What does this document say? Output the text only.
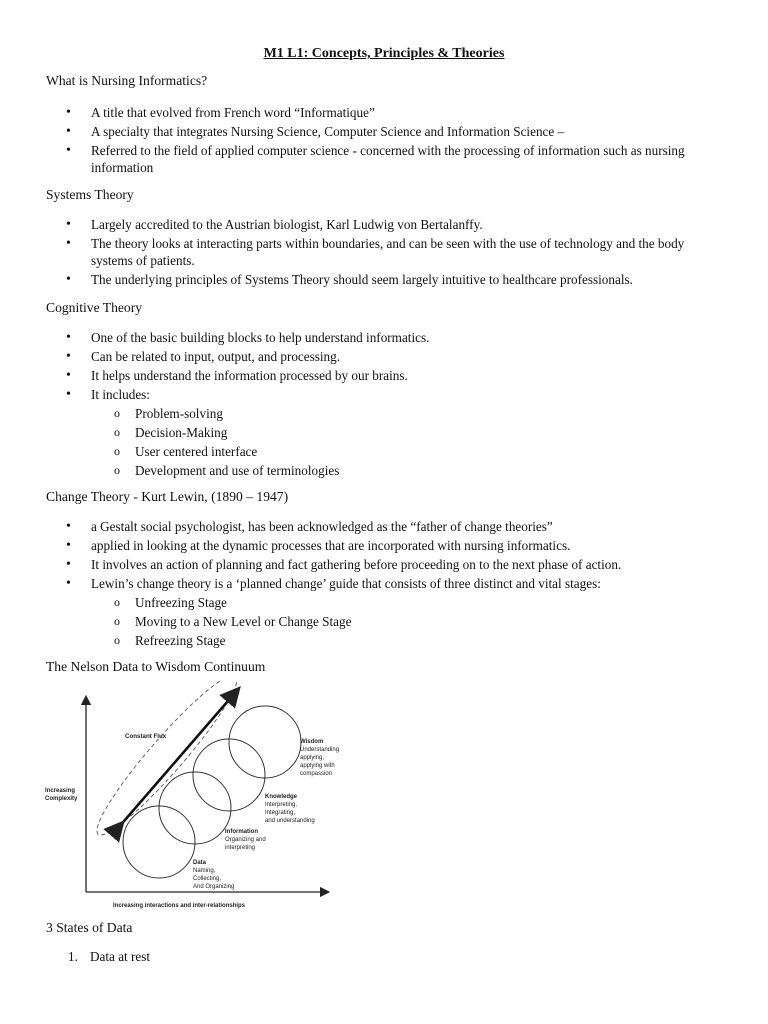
M1 L1: Concepts, Principles & Theories
What is Nursing Informatics?
• A title that evolved from French word “Informatique”
• A specialty that integrates Nursing Science, Computer Science and Information Science –
• Referred to the field of applied computer science - concerned with the processing of information such as nursing information
Systems Theory
• Largely accredited to the Austrian biologist, Karl Ludwig von Bertalanffy.
• The theory looks at interacting parts within boundaries, and can be seen with the use of technology and the body systems of patients.
• The underlying principles of Systems Theory should seem largely intuitive to healthcare professionals.
Cognitive Theory
• One of the basic building blocks to help understand informatics.
• Can be related to input, output, and processing.
• It helps understand the information processed by our brains.
• It includes:
o Problem-solving
o Decision-Making
o User centered interface
o Development and use of terminologies
Change Theory - Kurt Lewin, (1890 – 1947)
• a Gestalt social psychologist, has been acknowledged as the “father of change theories”
• applied in looking at the dynamic processes that are incorporated with nursing informatics.
• It involves an action of planning and fact gathering before proceeding on to the next phase of action.
• Lewin’s change theory is a ‘planned change’ guide that consists of three distinct and vital stages:
o Unfreezing Stage
o Moving to a New Level or Change Stage
o Refreezing Stage
The Nelson Data to Wisdom Continuum
Constant Flux
Increasing
Complexity
Increasing interactions and inter-relationships
Wisdom
Understanding
applying,
applying with
compassion
Knowledge
Interpreting,
Integrating,
and understanding
Information
Organizing and
interpreting
Data
Naming,
Collecting,
And Organizing
3 States of Data
1. Data at rest
